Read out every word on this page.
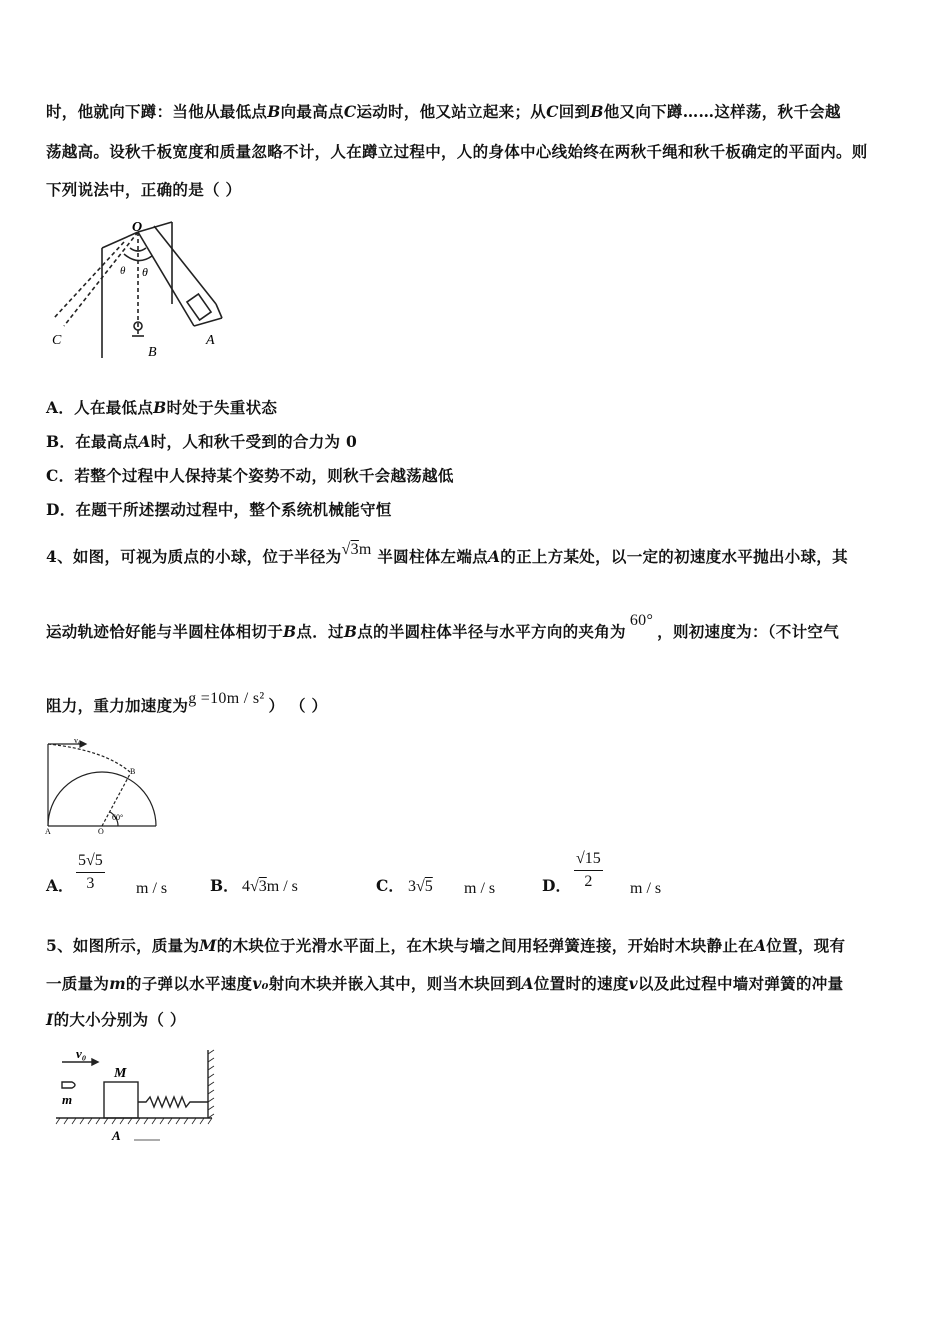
时，他就向下蹲：当他从最低点B向最高点C运动时，他又站立起来；从C回到B他又向下蹲……这样荡，秋千会越
荡越高。设秋千板宽度和质量忽略不计，人在蹲立过程中，人的身体中心线始终在两秋千绳和秋千板确定的平面内。则
下列说法中，正确的是（ ）
O
θ θ
A
B
C
A．人在最低点B时处于失重状态
B．在最高点A时，人和秋千受到的合力为 0
C．若整个过程中人保持某个姿势不动，则秋千会越荡越低
D．在题干所述摆动过程中，整个系统机械能守恒
4、如图，可视为质点的小球，位于半径为√3m 半圆柱体左端点A的正上方某处，以一定的初速度水平抛出小球，其
运动轨迹恰好能与半圆柱体相切于B点．过B点的半圆柱体半径与水平方向的夹角为60°，则初速度为：（不计空气
阻力，重力加速度为g =10m / s² ） （ ）
v₀
B
A	O
60°
A．
5√5
3	m / s	B． 4√3m / s	C． 3√5 m / s	D．
√15
2	m / s
5、如图所示，质量为M的木块位于光滑水平面上，在木块与墙之间用轻弹簧连接，开始时木块静止在A位置，现有
一质量为m的子弹以水平速度v₀射向木块并嵌入其中，则当木块回到A位置时的速度v以及此过程中墙对弹簧的冲量
I的大小分别为（ ）
v₀
M
m
A
